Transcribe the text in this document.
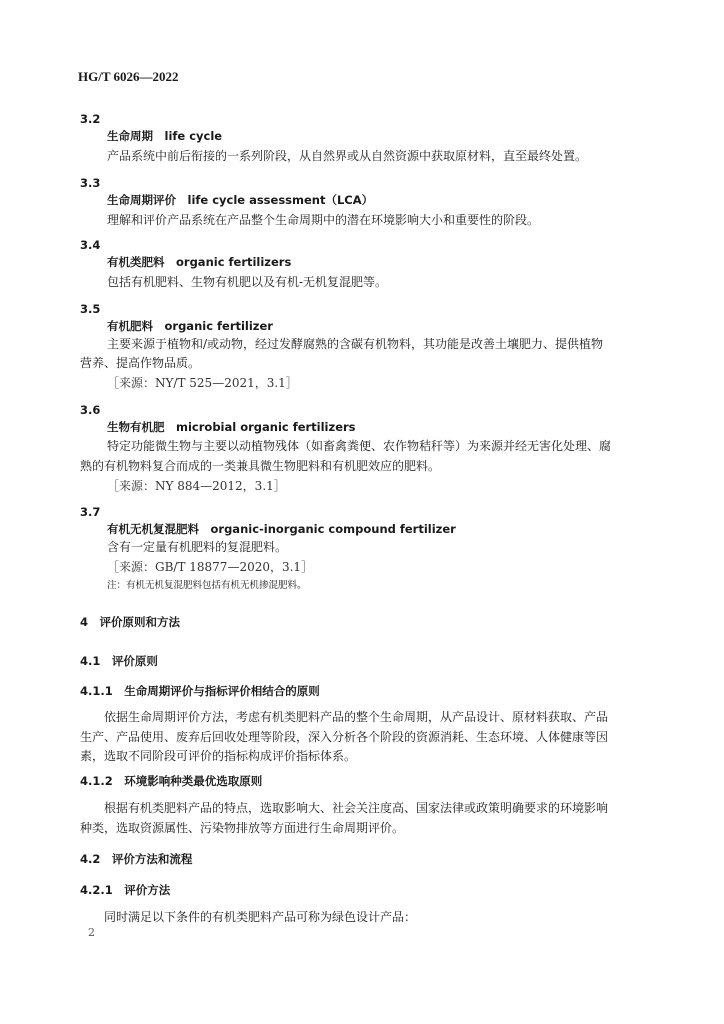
HG/T 6026—2022
3.2
生命周期　life cycle
产品系统中前后衔接的一系列阶段，从自然界或从自然资源中获取原材料，直至最终处置。
3.3
生命周期评价　life cycle assessment（LCA）
理解和评价产品系统在产品整个生命周期中的潜在环境影响大小和重要性的阶段。
3.4
有机类肥料　organic fertilizers
包括有机肥料、生物有机肥以及有机-无机复混肥等。
3.5
有机肥料　organic fertilizer
主要来源于植物和/或动物，经过发酵腐熟的含碳有机物料，其功能是改善土壤肥力、提供植物
营养、提高作物品质。
［来源：NY/T 525—2021，3.1］
3.6
生物有机肥　microbial organic fertilizers
特定功能微生物与主要以动植物残体（如畜禽粪便、农作物秸秆等）为来源并经无害化处理、腐
熟的有机物料复合而成的一类兼具微生物肥料和有机肥效应的肥料。
［来源：NY 884—2012，3.1］
3.7
有机无机复混肥料　organic-inorganic compound fertilizer
含有一定量有机肥料的复混肥料。
［来源：GB/T 18877—2020，3.1］
注：有机无机复混肥料包括有机无机掺混肥料。
4　评价原则和方法
4.1　评价原则
4.1.1　生命周期评价与指标评价相结合的原则
依据生命周期评价方法，考虑有机类肥料产品的整个生命周期，从产品设计、原材料获取、产品
生产、产品使用、废弃后回收处理等阶段，深入分析各个阶段的资源消耗、生态环境、人体健康等因
素，选取不同阶段可评价的指标构成评价指标体系。
4.1.2　环境影响种类最优选取原则
根据有机类肥料产品的特点，选取影响大、社会关注度高、国家法律或政策明确要求的环境影响
种类，选取资源属性、污染物排放等方面进行生命周期评价。
4.2　评价方法和流程
4.2.1　评价方法
同时满足以下条件的有机类肥料产品可称为绿色设计产品：
2
